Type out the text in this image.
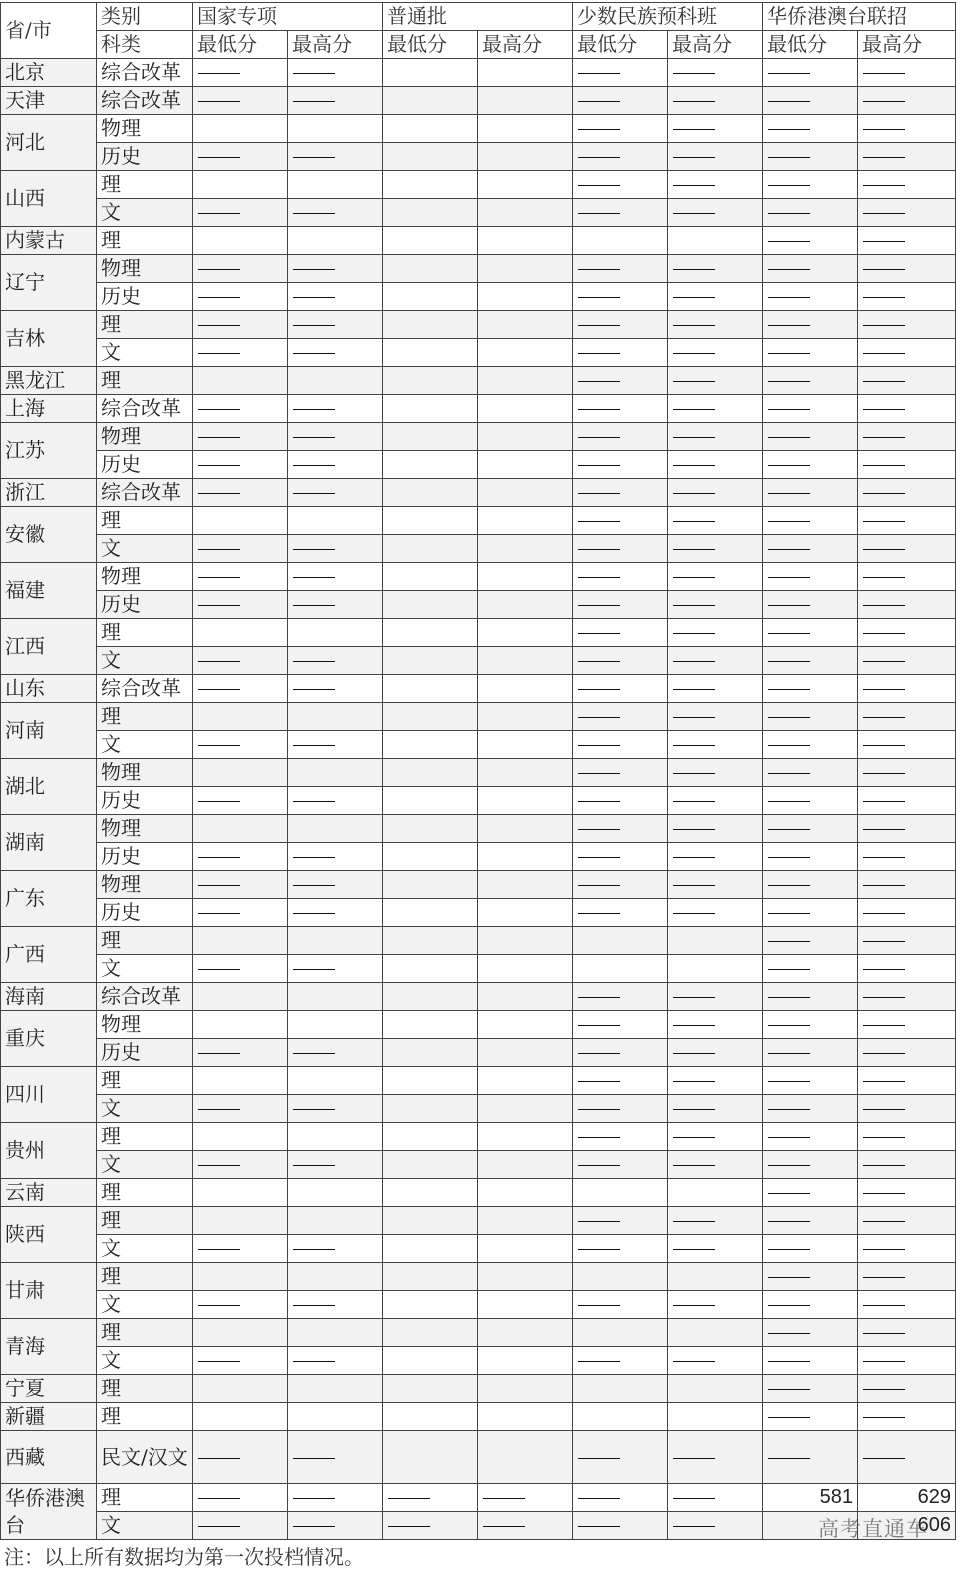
省/市	类别	国家专项		普通批		少数民族预科班		华侨港澳台联招	
	科类	最低分	最高分	最低分	最高分	最低分	最高分	最低分	最高分
北京	综合改革								
天津	综合改革								
河北	物理								
	历史								
山西	理								
	文								
内蒙古	理								
辽宁	物理								
	历史								
吉林	理								
	文								
黑龙江	理								
上海	综合改革								
江苏	物理								
	历史								
浙江	综合改革								
安徽	理								
	文								
福建	物理								
	历史								
江西	理								
	文								
山东	综合改革								
河南	理								
	文								
湖北	物理								
	历史								
湖南	物理								
	历史								
广东	物理								
	历史								
广西	理								
	文								
海南	综合改革								
重庆	物理								
	历史								
四川	理								
	文								
贵州	理								
	文								
云南	理								
陕西	理								
	文								
甘肃	理								
	文								
青海	理								
	文								
宁夏	理								
新疆	理								
西藏	民文/汉文								
华侨港澳台	理							581	629
	文								606
注：以上所有数据均为第一次投档情况。
高考直通车
